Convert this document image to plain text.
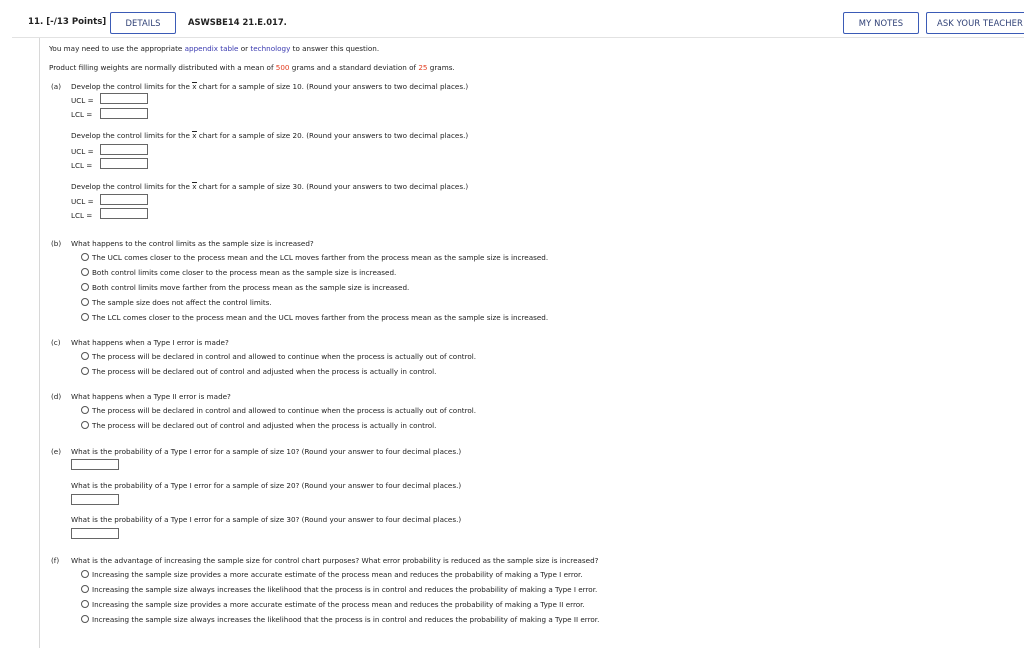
11. [-/13 Points]	DETAILS	ASWSBE14 21.E.017.	MY NOTES	ASK YOUR TEACHER
You may need to use the appropriate appendix table or technology to answer this question.
Product filling weights are normally distributed with a mean of 500 grams and a standard deviation of 25 grams.
(a) Develop the control limits for the x chart for a sample of size 10. (Round your answers to two decimal places.)
UCL =
LCL =
Develop the control limits for the x chart for a sample of size 20. (Round your answers to two decimal places.)
UCL =
LCL =
Develop the control limits for the x chart for a sample of size 30. (Round your answers to two decimal places.)
UCL =
LCL =
(b) What happens to the control limits as the sample size is increased?
The UCL comes closer to the process mean and the LCL moves farther from the process mean as the sample size is increased.
Both control limits come closer to the process mean as the sample size is increased.
Both control limits move farther from the process mean as the sample size is increased.
The sample size does not affect the control limits.
The LCL comes closer to the process mean and the UCL moves farther from the process mean as the sample size is increased.
(c) What happens when a Type I error is made?
The process will be declared in control and allowed to continue when the process is actually out of control.
The process will be declared out of control and adjusted when the process is actually in control.
(d) What happens when a Type II error is made?
The process will be declared in control and allowed to continue when the process is actually out of control.
The process will be declared out of control and adjusted when the process is actually in control.
(e) What is the probability of a Type I error for a sample of size 10? (Round your answer to four decimal places.)
What is the probability of a Type I error for a sample of size 20? (Round your answer to four decimal places.)
What is the probability of a Type I error for a sample of size 30? (Round your answer to four decimal places.)
(f) What is the advantage of increasing the sample size for control chart purposes? What error probability is reduced as the sample size is increased?
Increasing the sample size provides a more accurate estimate of the process mean and reduces the probability of making a Type I error.
Increasing the sample size always increases the likelihood that the process is in control and reduces the probability of making a Type I error.
Increasing the sample size provides a more accurate estimate of the process mean and reduces the probability of making a Type II error.
Increasing the sample size always increases the likelihood that the process is in control and reduces the probability of making a Type II error.
